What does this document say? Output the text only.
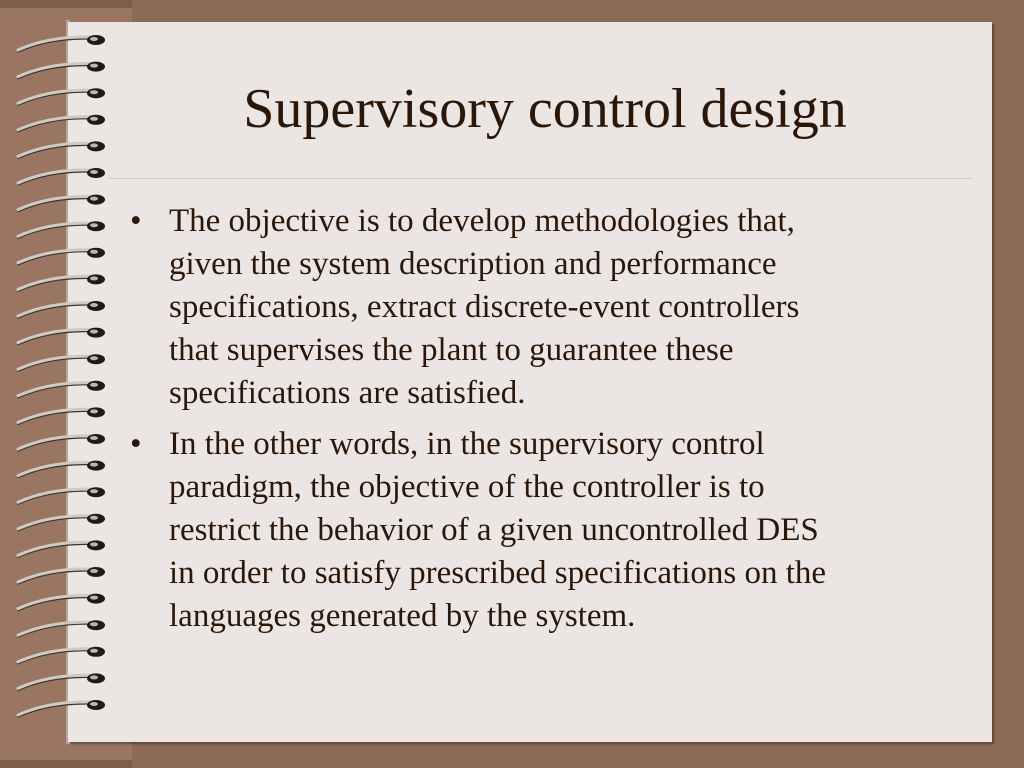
Supervisory control design
• The objective is to develop methodologies that,
given the system description and performance
specifications, extract discrete-event controllers
that supervises the plant to guarantee these
specifications are satisfied.
• In the other words, in the supervisory control
paradigm, the objective of the controller is to
restrict the behavior of a given uncontrolled DES
in order to satisfy prescribed specifications on the
languages generated by the system.
